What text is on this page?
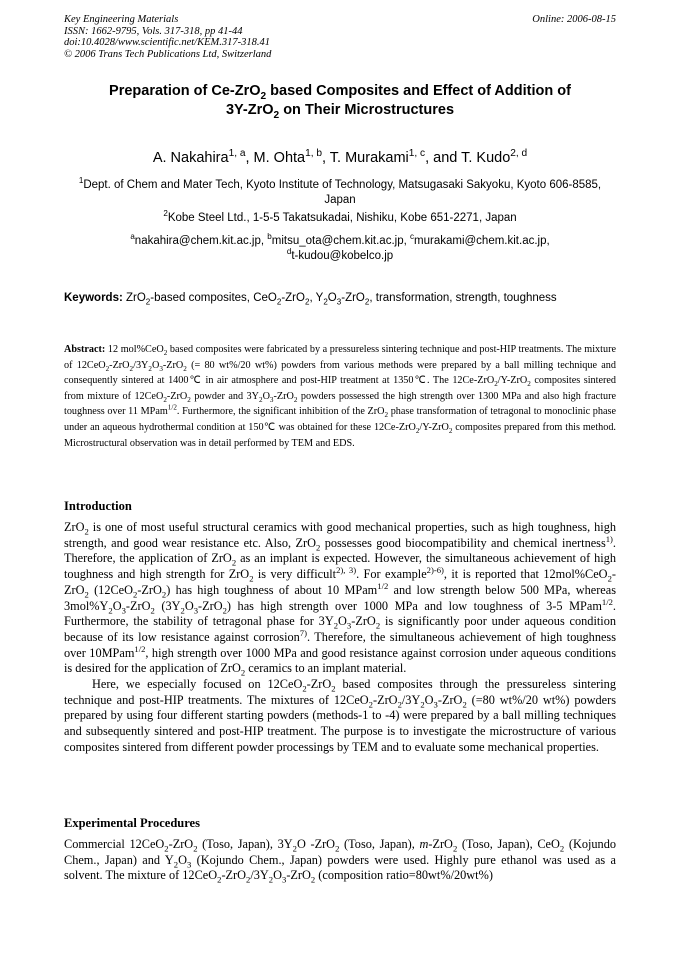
Key Engineering Materials
ISSN: 1662-9795, Vols. 317-318, pp 41-44
doi:10.4028/www.scientific.net/KEM.317-318.41
© 2006 Trans Tech Publications Ltd, Switzerland
Online: 2006-08-15
Preparation of Ce-ZrO$_2$ based Composites and Effect of Addition of
3Y-ZrO$_2$ on Their Microstructures
A. Nakahira$^{1, a}$, M. Ohta$^{1, b}$, T. Murakami$^{1, c}$, and T. Kudo$^{2, d}$
$^1$Dept. of Chem and Mater Tech, Kyoto Institute of Technology, Matsugasaki Sakyoku, Kyoto 606-8585, Japan
$^2$Kobe Steel Ltd., 1-5-5 Takatsukadai, Nishiku, Kobe 651-2271, Japan
$^a$nakahira@chem.kit.ac.jp, $^b$mitsu_ota@chem.kit.ac.jp, $^c$murakami@chem.kit.ac.jp,
$^d$t-kudou@kobelco.jp
Keywords: ZrO$_2$-based composites, CeO$_2$-ZrO$_2$, $Y_2O_3-ZrO_2$, transformation, strength, toughness
Abstract: 12 mol%CeO$_2$ based composites were fabricated by a pressureless sintering technique and post-HIP treatments. The mixture of $12CeO_2-ZrO_2/3Y_2O_3-ZrO_2$ (= 80 wt%/20 wt%) powders from various methods were prepared by a ball milling technique and consequently sintered at 1400℃ in air atmosphere and post-HIP treatment at 1350℃. The 12Ce-ZrO$_2$/Y-ZrO$_2$ composites sintered from mixture of 12CeO$_2$-ZrO$_2$ powder and $3Y_2O_3-ZrO_2$ powders possessed the high strength over 1300 MPa and also high fracture toughness over 11 MPam$^{1/2}$. Furthermore, the significant inhibition of the ZrO$_2$ phase transformation of tetragonal to monoclinic phase under an aqueous hydrothermal condition at 150℃ was obtained for these 12Ce-ZrO$_2$/Y-ZrO$_2$ composites prepared from this method. Microstructural observation was in detail performed by TEM and EDS.
Introduction

ZrO$_2$ is one of most useful structural ceramics with good mechanical properties, such as high toughness, high strength, and good wear resistance etc. Also, ZrO$_2$ possesses good biocompatibility and chemical inertness$^{1)}$. Therefore, the application of ZrO$_2$ as an implant is expected. However, the simultaneous achievement of high toughness and high strength for ZrO$_2$ is very difficult$^{2), 3)}$. For example$^{2)-6)}$, it is reported that 12mol%CeO$_2$-ZrO$_2$ (12CeO$_2$-ZrO$_2$) has high toughness of about 10 MPam$^{1/2}$ and low strength below 500 MPa, whereas $3mol\%Y_2O_3-ZrO_2$ $(3Y_2O_3-ZrO_2)$ has high strength over 1000 MPa and low toughness of 3-5 MPam$^{1/2}$. Furthermore, the stability of tetragonal phase for $3Y_2O_3-ZrO_2$ is significantly poor under aqueous condition because of its low resistance against corrosion$^{7)}$. Therefore, the simultaneous achievement of high toughness over 10MPam$^{1/2}$, high strength over 1000 MPa and good resistance against corrosion under aqueous conditions is desired for the application of ZrO$_2$ ceramics to an implant material.

Here, we especially focused on 12CeO$_2$-ZrO$_2$ based composites through the pressureless sintering technique and post-HIP treatments. The mixtures of $12CeO_2-ZrO_2/3Y_2O_3-ZrO_2$ (=80 wt%/20 wt%) powders prepared by using four different starting powders (methods-1 to -4) were prepared by a ball milling techniques and subsequently sintered and post-HIP treatment. The purpose is to investigate the microstructure of various composites sintered from different powder processings by TEM and to evaluate some mechanical properties.

Experimental Procedures

Commercial 12CeO$_2$-ZrO$_2$ (Toso, Japan), $3Y_2O$ -ZrO$_2$ (Toso, Japan), m-ZrO$_2$ (Toso, Japan), CeO$_2$ (Kojundo Chem., Japan) and $Y_2O_3$ (Kojundo Chem., Japan) powders were used. Highly pure ethanol was used as a solvent. The mixture of $12CeO_2-ZrO_2/3Y_2O_3-ZrO_2$ (composition ratio=80wt%/20wt%)
